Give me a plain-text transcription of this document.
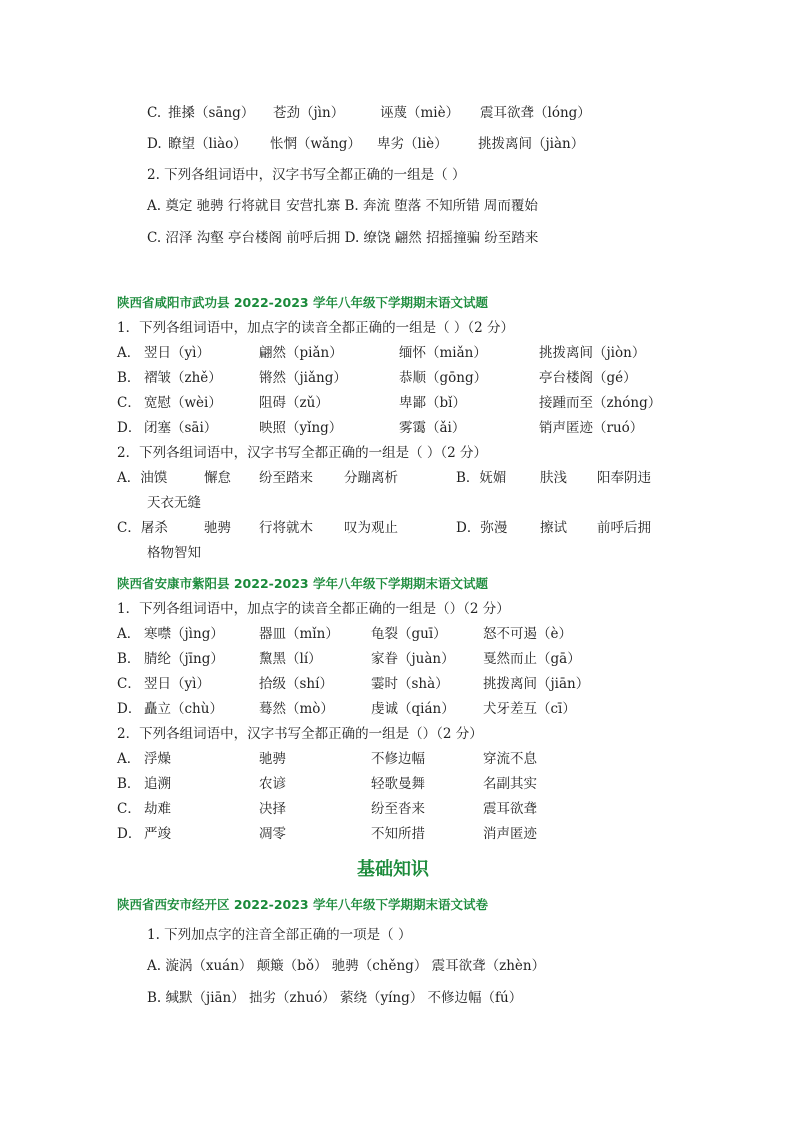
C. 推搡（sāng） 苍劲（jìn）	诬蔑（miè） 震耳欲聋（lóng）
D. 瞭望（liào） 怅惘（wǎng） 卑劣（liè） 挑拨离间（jiàn）
2. 下列各组词语中，汉字书写全都正确的一组是（ ）
A. 奠定 驰骋 行将就目 安营扎寨 B. 奔流 堕落 不知所错 周而覆始
C. 沼泽 沟壑 亭台楼阁 前呼后拥 D. 缭饶 翩然 招摇撞骗 纷至踏来
陕西省咸阳市武功县 2022-2023 学年八年级下学期期末语文试题
1．下列各组词语中，加点字的读音全都正确的一组是（ ）（2 分）
A． 翌日（yì）	翩然（piǎn）	缅怀（miǎn）	挑拨离间（jiòn）
B． 褶皱（zhě）	锵然（jiǎng）	恭顺（gōng）	亭台楼阁（gé）
C． 宽慰（wèi）	阻碍（zǔ）	卑鄙（bǐ）	接踵而至（zhóng）
D． 闭塞（sāi）	映照（yǐng）	雾霭（ǎi）	销声匿迹（ruó）
2．下列各组词语中，汉字书写全都正确的一组是（ ）（2 分）
A．油馍	懈怠 纷至踏来 分蹦离析	B．妩媚 肤浅 阳奉阴违
天衣无缝
C．屠杀	驰骋 行将就木 叹为观止	D．弥漫 擦试 前呼后拥
格物智知
陕西省安康市紫阳县 2022-2023 学年八年级下学期期末语文试题
1．下列各组词语中，加点字的读音全都正确的一组是（）（2 分）
A． 寒噤（jìng）	器皿（mǐn） 龟裂（guī）	怒不可遏（è）
B． 腈纶（jīng）	黧黑（lí）	家眷（juàn） 戛然而止（gā）
C． 翌日（yì）	拾级（shí）	霎时（shà）	挑拨离间（jiān）
D． 矗立（chù）	蓦然（mò）	虔诚（qián） 犬牙差互（cī）
2．下列各组词语中，汉字书写全都正确的一组是（）（2 分）
A． 浮燥	驰骋	不修边幅	穿流不息
B． 追溯	农谚	轻歌曼舞	名副其实
C． 劫难	决择	纷至沓来	震耳欲聋
D． 严竣	凋零	不知所措	消声匿迹
基础知识
陕西省西安市经开区 2022-2023 学年八年级下学期期末语文试卷
1. 下列加点字的注音全部正确的一项是（ ）
A. 漩涡（xuán） 颠簸（bǒ） 驰骋（chěng） 震耳欲聋（zhèn）
B. 缄默（jiān） 拙劣（zhuó） 萦绕（yíng） 不修边幅（fú）
